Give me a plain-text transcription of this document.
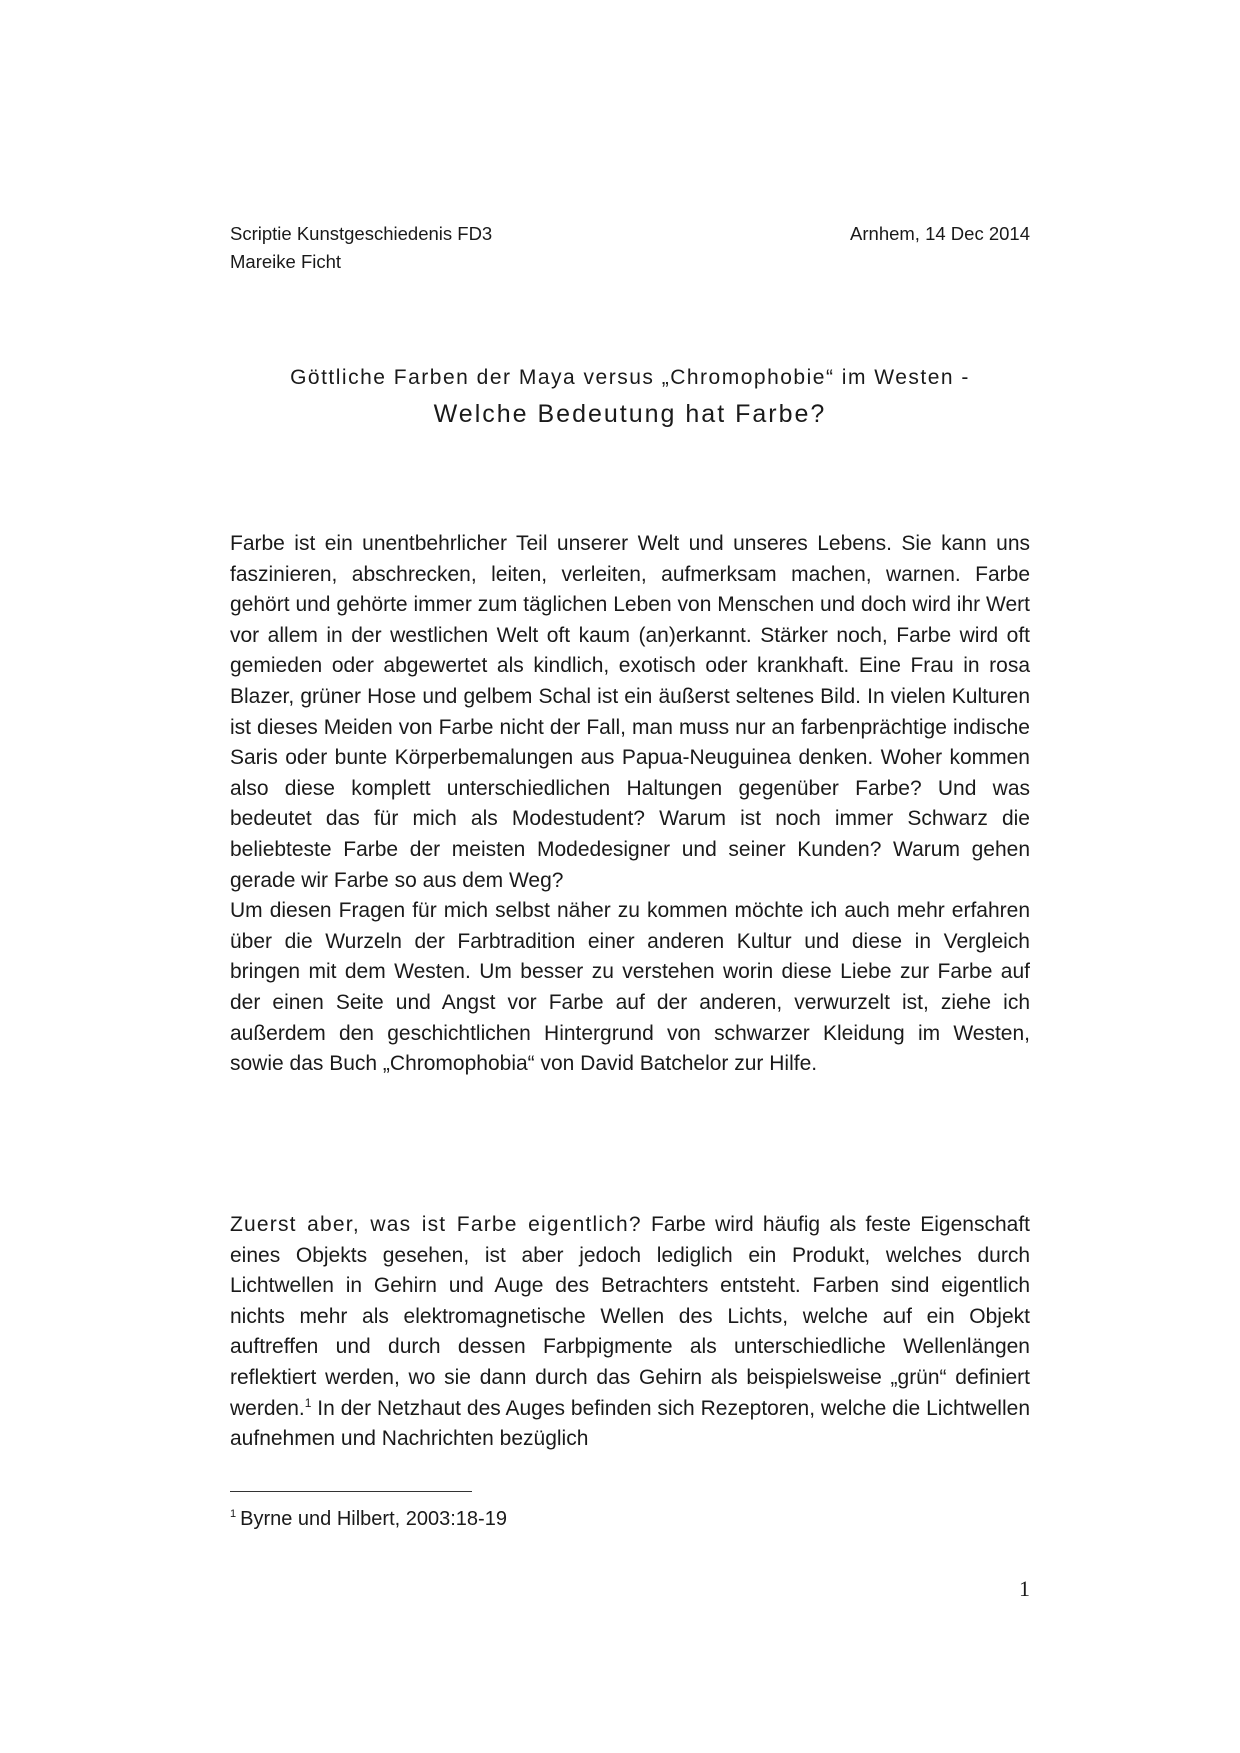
Scriptie Kunstgeschiedenis FD3
Mareike Ficht
Arnhem, 14 Dec 2014
Göttliche Farben der Maya versus „Chromophobie“ im Westen -
Welche Bedeutung hat Farbe?
Farbe ist ein unentbehrlicher Teil unserer Welt und unseres Lebens. Sie kann uns faszinieren, abschrecken, leiten, verleiten, aufmerksam machen, warnen. Farbe gehört und gehörte immer zum täglichen Leben von Menschen und doch wird ihr Wert vor allem in der westlichen Welt oft kaum (an)erkannt. Stärker noch, Farbe wird oft gemieden oder abgewertet als kindlich, exotisch oder krankhaft. Eine Frau in rosa Blazer, grüner Hose und gelbem Schal ist ein äußerst seltenes Bild. In vielen Kulturen ist dieses Meiden von Farbe nicht der Fall, man muss nur an farbenprächtige indische Saris oder bunte Körperbemalungen aus Papua-Neuguinea denken. Woher kommen also diese komplett unterschiedlichen Haltungen gegenüber Farbe? Und was bedeutet das für mich als Modestudent? Warum ist noch immer Schwarz die beliebteste Farbe der meisten Modedesigner und seiner Kunden? Warum gehen gerade wir Farbe so aus dem Weg?
Um diesen Fragen für mich selbst näher zu kommen möchte ich auch mehr erfahren über die Wurzeln der Farbtradition einer anderen Kultur und diese in Vergleich bringen mit dem Westen. Um besser zu verstehen worin diese Liebe zur Farbe auf der einen Seite und Angst vor Farbe auf der anderen, verwurzelt ist, ziehe ich außerdem den geschichtlichen Hintergrund von schwarzer Kleidung im Westen, sowie das Buch „Chromophobia“ von David Batchelor zur Hilfe.

Zuerst aber, was ist Farbe eigentlich? Farbe wird häufig als feste Eigenschaft eines Objekts gesehen, ist aber jedoch lediglich ein Produkt, welches durch Lichtwellen in Gehirn und Auge des Betrachters entsteht. Farben sind eigentlich nichts mehr als elektromagnetische Wellen des Lichts, welche auf ein Objekt auftreffen und durch dessen Farbpigmente als unterschiedliche Wellenlängen reflektiert werden, wo sie dann durch das Gehirn als beispielsweise „grün“ definiert werden.$^1$ In der Netzhaut des Auges befinden sich Rezeptoren, welche die Lichtwellen aufnehmen und Nachrichten bezüglich

$^1$ Byrne und Hilbert, 2003:18-19
1
